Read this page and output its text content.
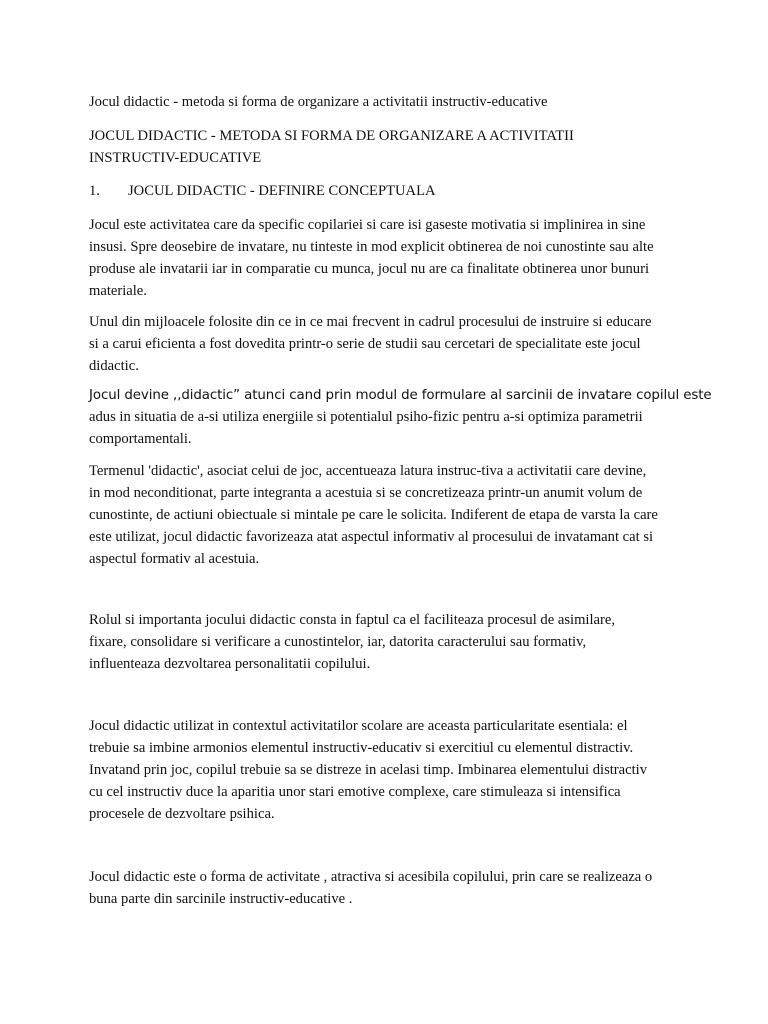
Jocul didactic - metoda si forma de organizare a activitatii instructiv-educative

JOCUL DIDACTIC - METODA SI FORMA DE ORGANIZARE A ACTIVITATII

INSTRUCTIV-EDUCATIVE

1. JOCUL DIDACTIC - DEFINIRE CONCEPTUALA

Jocul este activitatea care da specific copilariei si care isi gaseste motivatia si implinirea in sine

insusi. Spre deosebire de invatare, nu tinteste in mod explicit obtinerea de noi cunostinte sau alte

produse ale invatarii iar in comparatie cu munca, jocul nu are ca finalitate obtinerea unor bunuri

materiale.

Unul din mijloacele folosite din ce in ce mai frecvent in cadrul procesului de instruire si educare

si a carui eficienta a fost dovedita printr-o serie de studii sau cercetari de specialitate este jocul

didactic.

Jocul devine ,,didactic” atunci cand prin modul de formulare al sarcinii de invatare copilul este

adus in situatia de a-si utiliza energiile si potentialul psiho-fizic pentru a-si optimiza parametrii

comportamentali.

Termenul 'didactic', asociat celui de joc, accentueaza latura instruc-tiva a activitatii care devine,

in mod neconditionat, parte integranta a acestuia si se concretizeaza printr-un anumit volum de

cunostinte, de actiuni obiectuale si mintale pe care le solicita. Indiferent de etapa de varsta la care

este utilizat, jocul didactic favorizeaza atat aspectul informativ al procesului de invatamant cat si

aspectul formativ al acestuia.

Rolul si importanta jocului didactic consta in faptul ca el faciliteaza procesul de asimilare,

fixare, consolidare si verificare a cunostintelor, iar, datorita caracterului sau formativ,

influenteaza dezvoltarea personalitatii copilului.

Jocul didactic utilizat in contextul activitatilor scolare are aceasta particularitate esentiala: el

trebuie sa imbine armonios elementul instructiv-educativ si exercitiul cu elementul distractiv.

Invatand prin joc, copilul trebuie sa se distreze in acelasi timp. Imbinarea elementului distractiv

cu cel instructiv duce la aparitia unor stari emotive complexe, care stimuleaza si intensifica

procesele de dezvoltare psihica.

Jocul didactic este o forma de activitate , atractiva si acesibila copilului, prin care se realizeaza o

buna parte din sarcinile instructiv-educative .
